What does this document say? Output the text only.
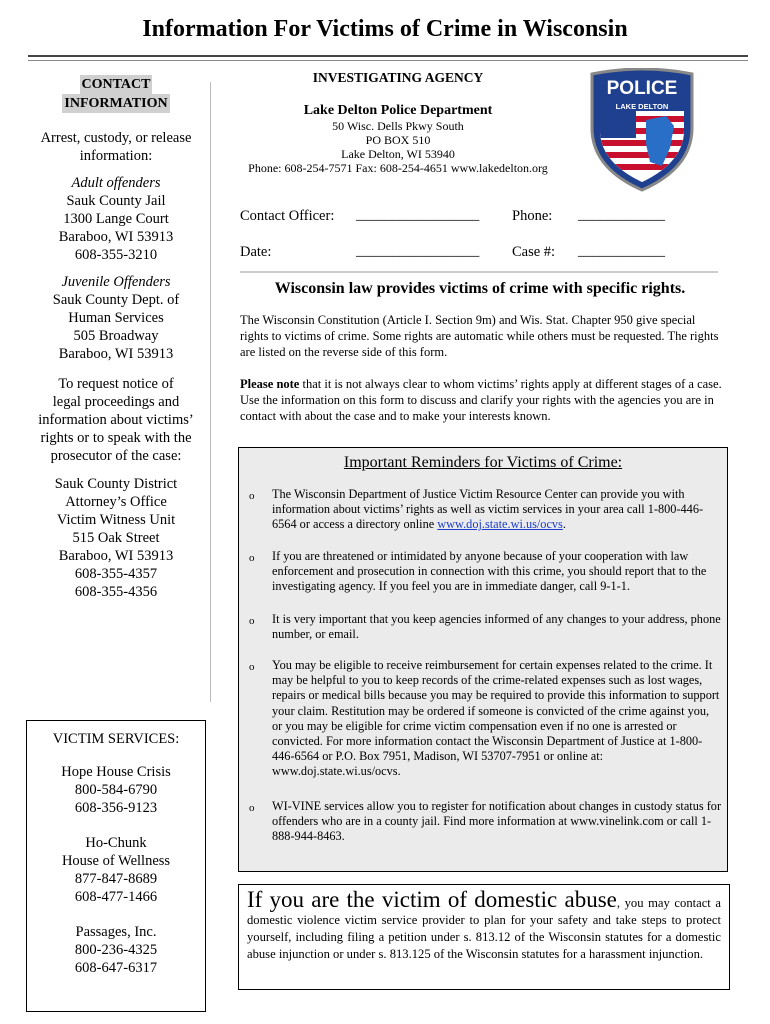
Information For Victims of Crime in Wisconsin
CONTACT
INFORMATION
Arrest, custody, or release
information:
Adult offenders
Sauk County Jail
1300 Lange Court
Baraboo, WI 53913
608-355-3210
Juvenile Offenders
Sauk County Dept. of
Human Services
505 Broadway
Baraboo, WI 53913
To request notice of
legal proceedings and
information about victims’
rights or to speak with the
prosecutor of the case:
Sauk County District
Attorney’s Office
Victim Witness Unit
515 Oak Street
Baraboo, WI 53913
608-355-4357
608-355-4356
VICTIM SERVICES:
Hope House Crisis
800-584-6790
608-356-9123
Ho-Chunk
House of Wellness
877-847-8689
608-477-1466
Passages, Inc.
800-236-4325
608-647-6317
INVESTIGATING AGENCY
Lake Delton Police Department
50 Wisc. Dells Pkwy South
PO BOX 510
Lake Delton, WI 53940
Phone: 608-254-7571 Fax: 608-254-4651 www.lakedelton.org
POLICE
LAKE DELTON
Contact Officer: _________________ Phone: ____________
Date:	_________________ Case #: ____________
Wisconsin law provides victims of crime with specific rights.
The Wisconsin Constitution (Article I. Section 9m) and Wis. Stat. Chapter 950 give special rights to victims of crime. Some rights are automatic while others must be requested. The rights are listed on the reverse side of this form.
Please note that it is not always clear to whom victims’ rights apply at different stages of a case. Use the information on this form to discuss and clarify your rights with the agencies you are in contact with about the case and to make your interests known.
Important Reminders for Victims of Crime:
o The Wisconsin Department of Justice Victim Resource Center can provide you with information about victims’ rights as well as victim services in your area call 1-800-446-6564 or access a directory online www.doj.state.wi.us/ocvs.
o If you are threatened or intimidated by anyone because of your cooperation with law enforcement and prosecution in connection with this crime, you should report that to the investigating agency. If you feel you are in immediate danger, call 9-1-1.
o It is very important that you keep agencies informed of any changes to your address, phone number, or email.
o You may be eligible to receive reimbursement for certain expenses related to the crime. It may be helpful to you to keep records of the crime-related expenses such as lost wages, repairs or medical bills because you may be required to provide this information to support your claim. Restitution may be ordered if someone is convicted of the crime against you, or you may be eligible for crime victim compensation even if no one is arrested or convicted. For more information contact the Wisconsin Department of Justice at 1-800-446-6564 or P.O. Box 7951, Madison, WI 53707-7951 or online at: www.doj.state.wi.us/ocvs.
o WI-VINE services allow you to register for notification about changes in custody status for offenders who are in a county jail. Find more information at www.vinelink.com or call 1-888-944-8463.
If you are the victim of domestic abuse, you may contact a domestic violence victim service provider to plan for your safety and take steps to protect yourself, including filing a petition under s. 813.12 of the Wisconsin statutes for a domestic abuse injunction or under s. 813.125 of the Wisconsin statutes for a harassment injunction.
